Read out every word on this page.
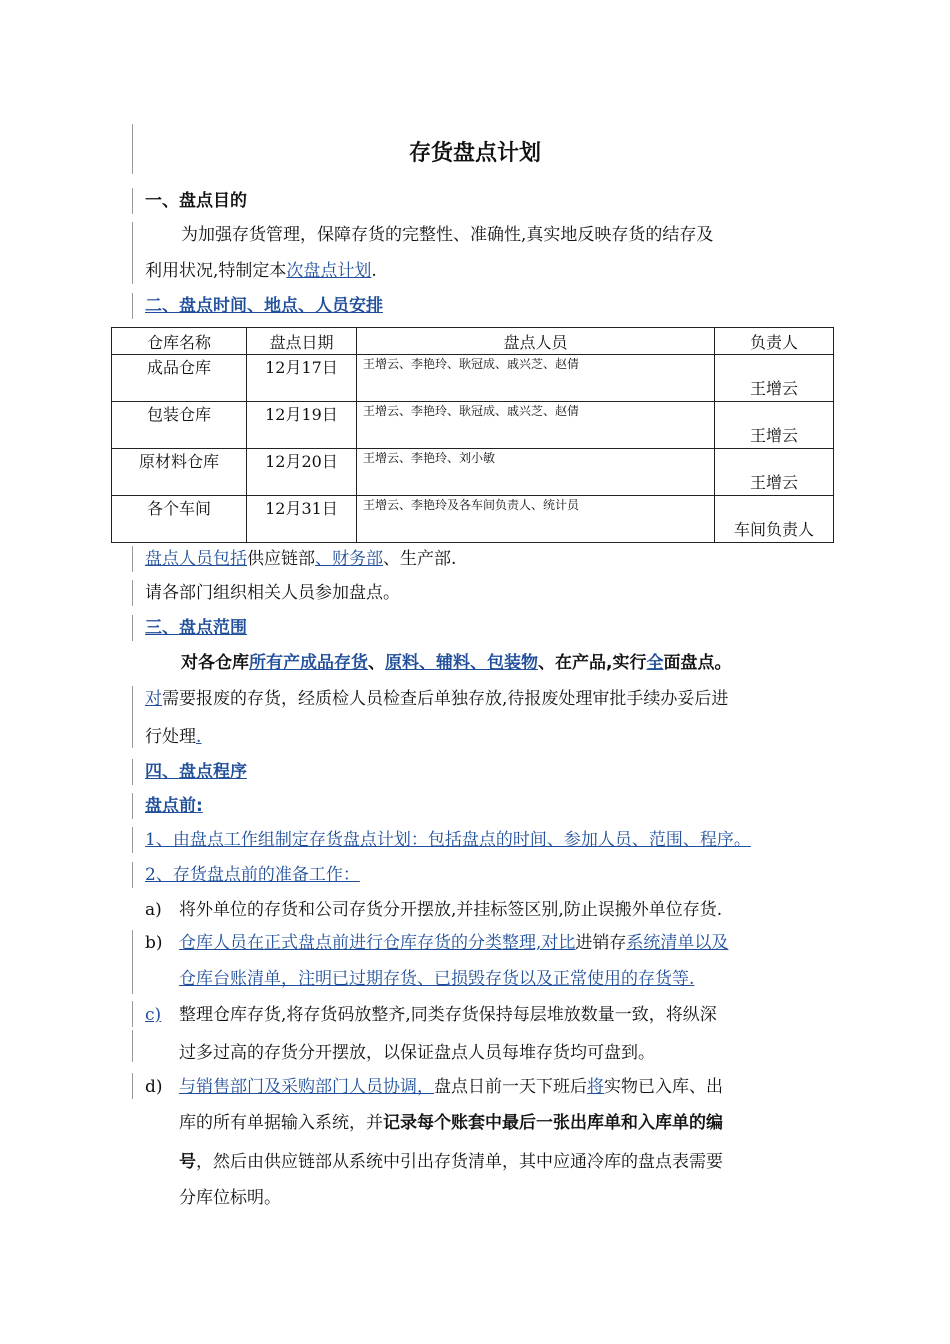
存货盘点计划
一、盘点目的
为加强存货管理，保障存货的完整性、准确性,真实地反映存货的结存及
利用状况,特制定本次盘点计划.
二、盘点时间、地点、人员安排
仓库名称	盘点日期	盘点人员	负责人
成品仓库	12月17日	王增云、李艳玲、耿冠成、戚兴芝、赵倩	王增云

包装仓库	12月19日	王增云、李艳玲、耿冠成、戚兴芝、赵倩	王增云

原材料仓库	12月20日	王增云、李艳玲、刘小敏	王增云

各个车间	12月31日	王增云、李艳玲及各车间负责人、统计员	车间负责人
盘点人员包括供应链部、财务部、生产部.
请各部门组织相关人员参加盘点。
三、盘点范围
对各仓库所有产成品存货、原料、辅料、包装物、在产品,实行全面盘点。
对需要报废的存货，经质检人员检查后单独存放,待报废处理审批手续办妥后进
行处理.
四、盘点程序
盘点前:
1、由盘点工作组制定存货盘点计划：包括盘点的时间、参加人员、范围、程序。
2、存货盘点前的准备工作：
a) 将外单位的存货和公司存货分开摆放,并挂标签区别,防止误搬外单位存货.
b) 仓库人员在正式盘点前进行仓库存货的分类整理,对比进销存系统清单以及
仓库台账清单，注明已过期存货、已损毁存货以及正常使用的存货等.
c) 整理仓库存货,将存货码放整齐,同类存货保持每层堆放数量一致，将纵深
过多过高的存货分开摆放，以保证盘点人员每堆存货均可盘到。
d) 与销售部门及采购部门人员协调，盘点日前一天下班后将实物已入库、出
库的所有单据输入系统，并记录每个账套中最后一张出库单和入库单的编
号，然后由供应链部从系统中引出存货清单，其中应通冷库的盘点表需要
分库位标明。
